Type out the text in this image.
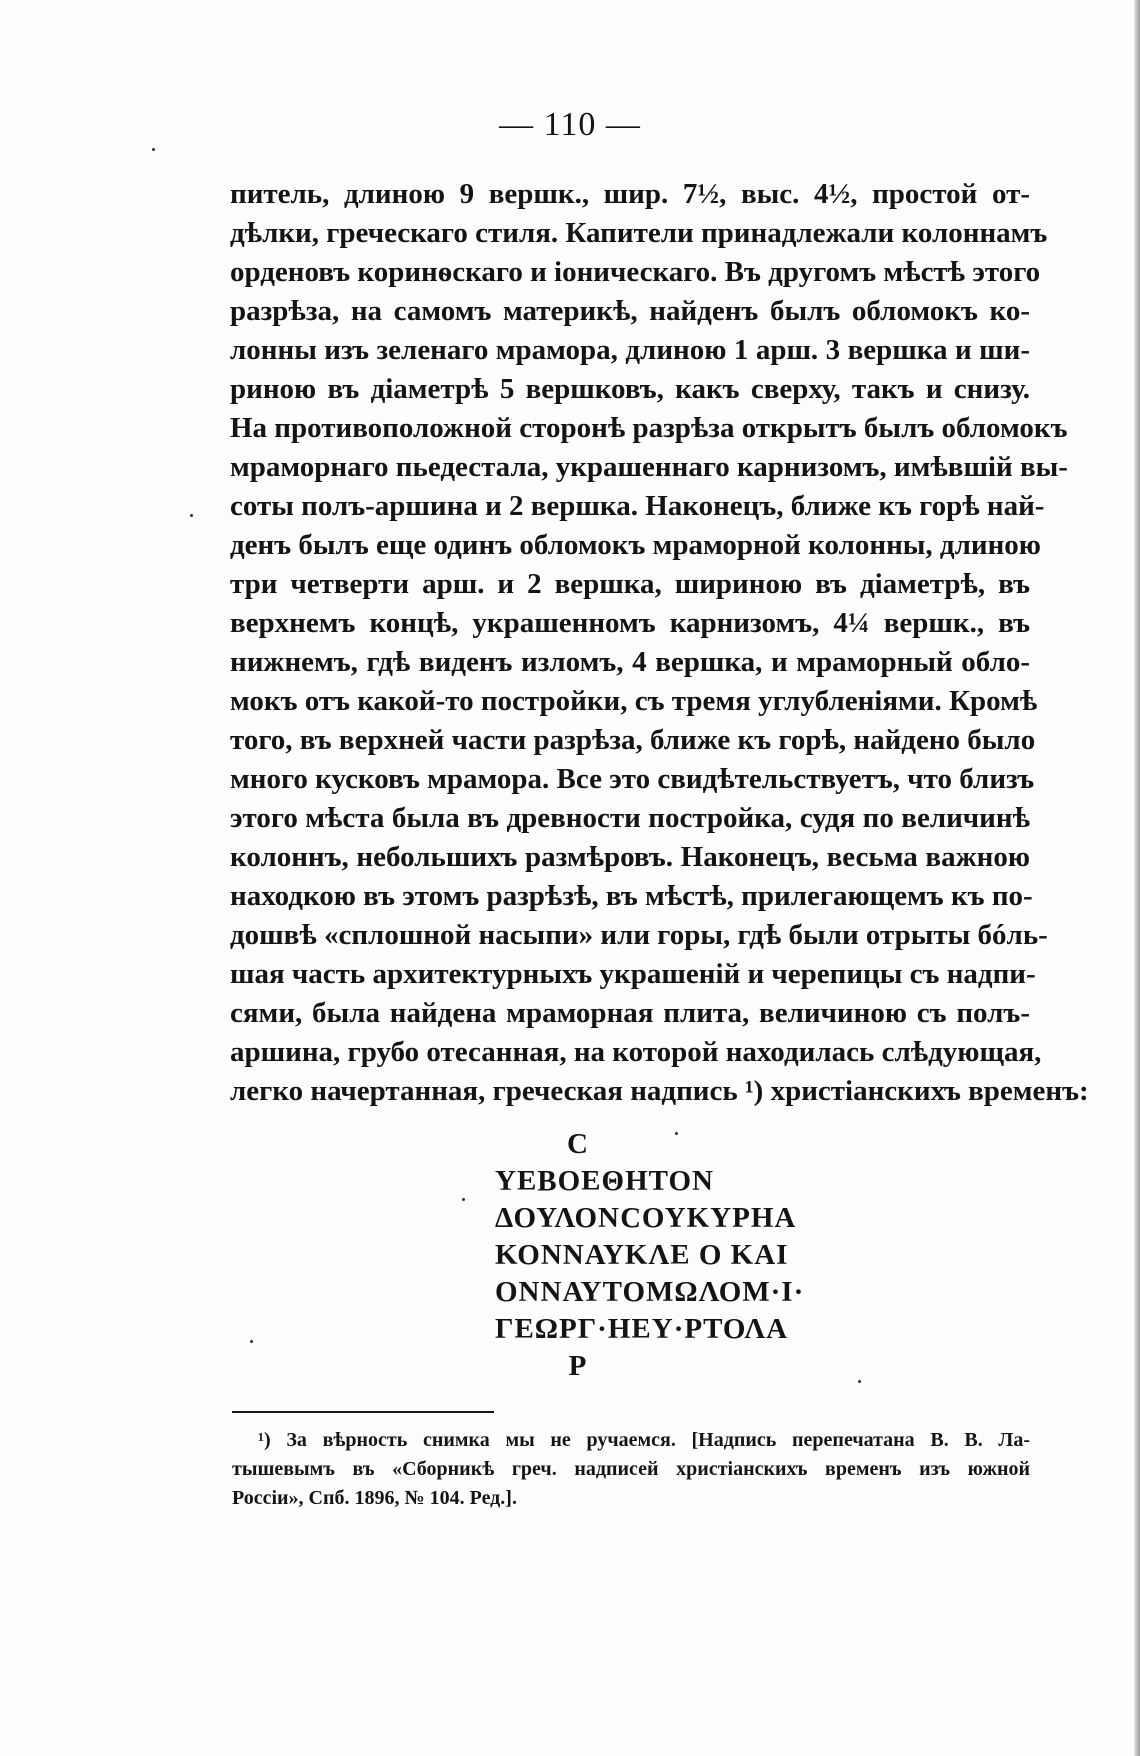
— 110 —
питель, длиною 9 вершк., шир. 7½, выс. 4½, простой от-
дѣлки, греческаго стиля. Капители принадлежали колоннамъ
орденовъ коринѳскаго и іоническаго. Въ другомъ мѣстѣ этого
разрѣза, на самомъ материкѣ, найденъ былъ обломокъ ко-
лонны изъ зеленаго мрамора, длиною 1 арш. 3 вершка и ши-
риною въ діаметрѣ 5 вершковъ, какъ сверху, такъ и снизу.
На противоположной сторонѣ разрѣза открытъ былъ обломокъ
мраморнаго пьедестала, украшеннаго карнизомъ, имѣвшій вы-
соты полъ-аршина и 2 вершка. Наконецъ, ближе къ горѣ най-
денъ былъ еще одинъ обломокъ мраморной колонны, длиною
три четверти арш. и 2 вершка, шириною въ діаметрѣ, въ
верхнемъ концѣ, украшенномъ карнизомъ, 4¼ вершк., въ
нижнемъ, гдѣ виденъ изломъ, 4 вершка, и мраморный обло-
мокъ отъ какой-то постройки, съ тремя углубленіями. Кромѣ
того, въ верхней части разрѣза, ближе къ горѣ, найдено было
много кусковъ мрамора. Все это свидѣтельствуетъ, что близъ
этого мѣста была въ древности постройка, судя по величинѣ
колоннъ, небольшихъ размѣровъ. Наконецъ, весьма важною
находкою въ этомъ разрѣзѣ, въ мѣстѣ, прилегающемъ къ по-
дошвѣ «сплошной насыпи» или горы, гдѣ были отрыты бóль-
шая часть архитектурныхъ украшеній и черепицы съ надпи-
сями, была найдена мраморная плита, величиною съ полъ-
аршина, грубо отесанная, на которой находилась слѣдующая,
легко начертанная, греческая надпись ¹) христіанскихъ временъ:
C
ΥΕΒΟΕΘΗΤΟΝ
ΔΟΥΛΟΝϹΟΥΚΥΡΗΑ
ΚΟΝΝΑΥΚΛΕ Ο ΚΑΙ
ΟΝΝΑΥΤΟΜΩΛΟΜ·Ι·
ΓΕΩΡΓ·ΗΕΥ·ΡΤΟΛΑ
P
¹) За вѣрность снимка мы не ручаемся. [Надпись перепечатана В. В. Ла-
тышевымъ въ «Сборникѣ греч. надписей христіанскихъ временъ изъ южной
Россіи», Спб. 1896, № 104. Ред.].
